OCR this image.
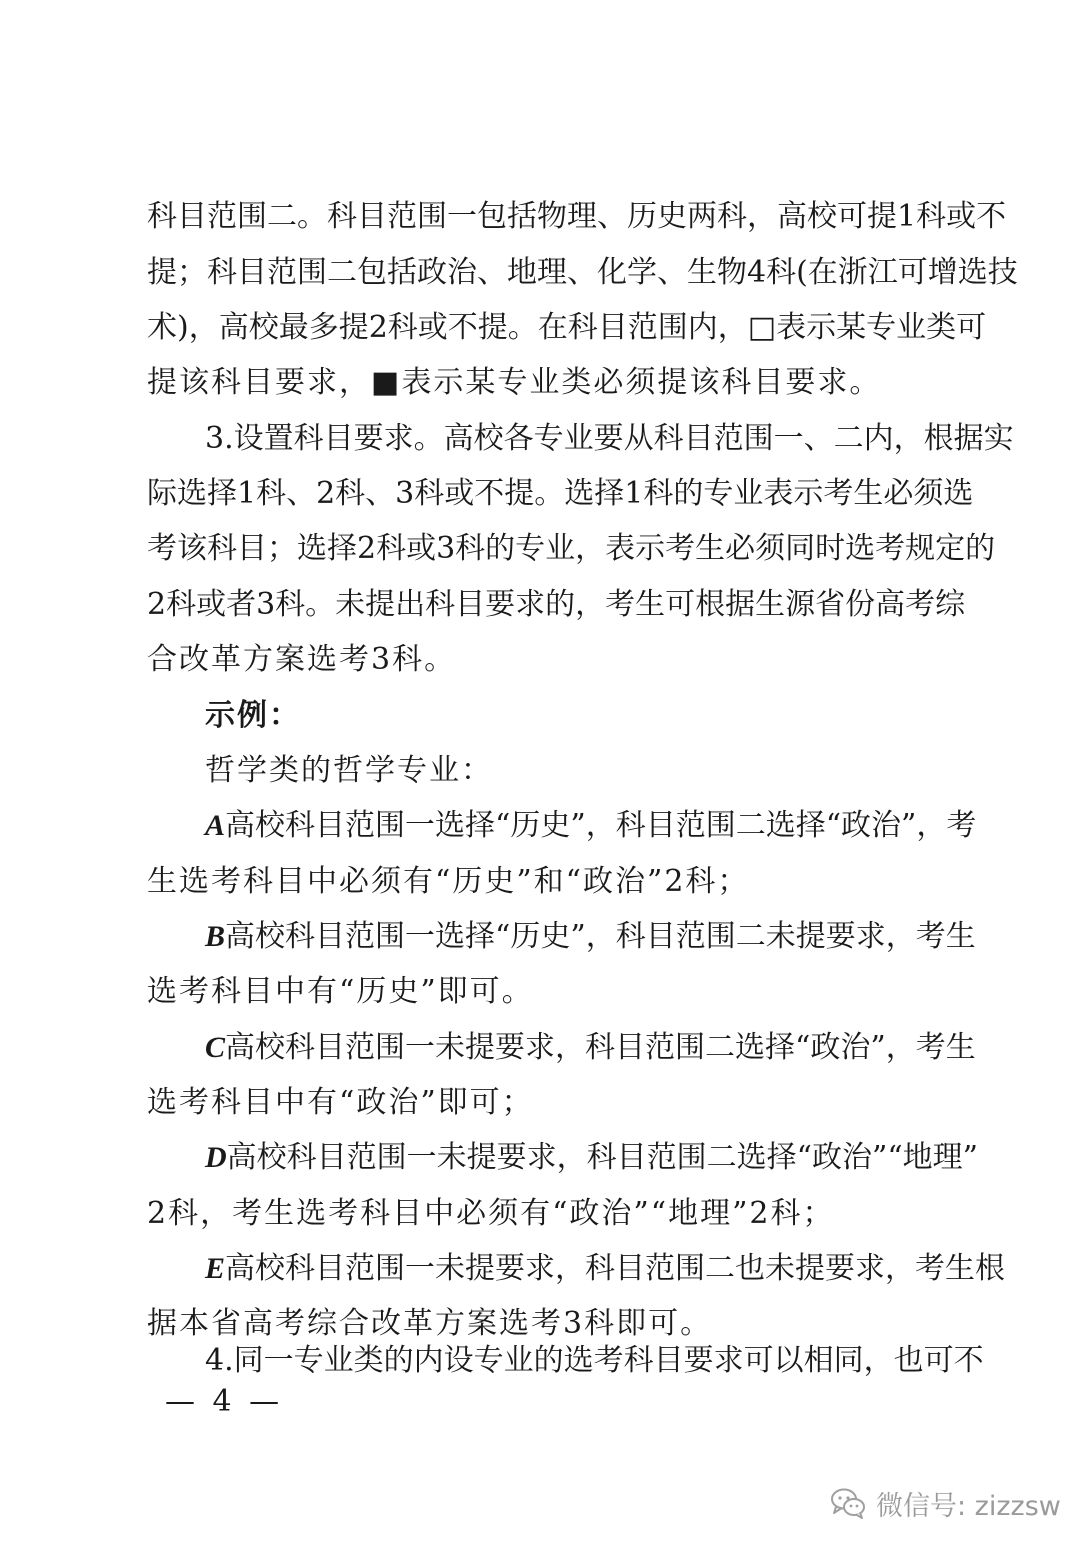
科目范围二。科目范围一包括物理、历史两科，高校可提1科或不
提；科目范围二包括政治、地理、化学、生物4科(在浙江可增选技
术)，高校最多提2科或不提。在科目范围内，□表示某专业类可
提该科目要求，■表示某专业类必须提该科目要求。
3.设置科目要求。高校各专业要从科目范围一、二内，根据实
际选择1科、2科、3科或不提。选择1科的专业表示考生必须选
考该科目；选择2科或3科的专业，表示考生必须同时选考规定的
2科或者3科。未提出科目要求的，考生可根据生源省份高考综
合改革方案选考3科。
示例：
哲学类的哲学专业：
A高校科目范围一选择“历史”，科目范围二选择“政治”，考
生选考科目中必须有“历史”和“政治”2科；
B高校科目范围一选择“历史”，科目范围二未提要求，考生
选考科目中有“历史”即可。
C高校科目范围一未提要求，科目范围二选择“政治”，考生
选考科目中有“政治”即可；
D高校科目范围一未提要求，科目范围二选择“政治”“地理”
2科，考生选考科目中必须有“政治”“地理”2科；
E高校科目范围一未提要求，科目范围二也未提要求，考生根
据本省高考综合改革方案选考3科即可。
4.同一专业类的内设专业的选考科目要求可以相同，也可不
— 4 —
微信号: zizzsw
